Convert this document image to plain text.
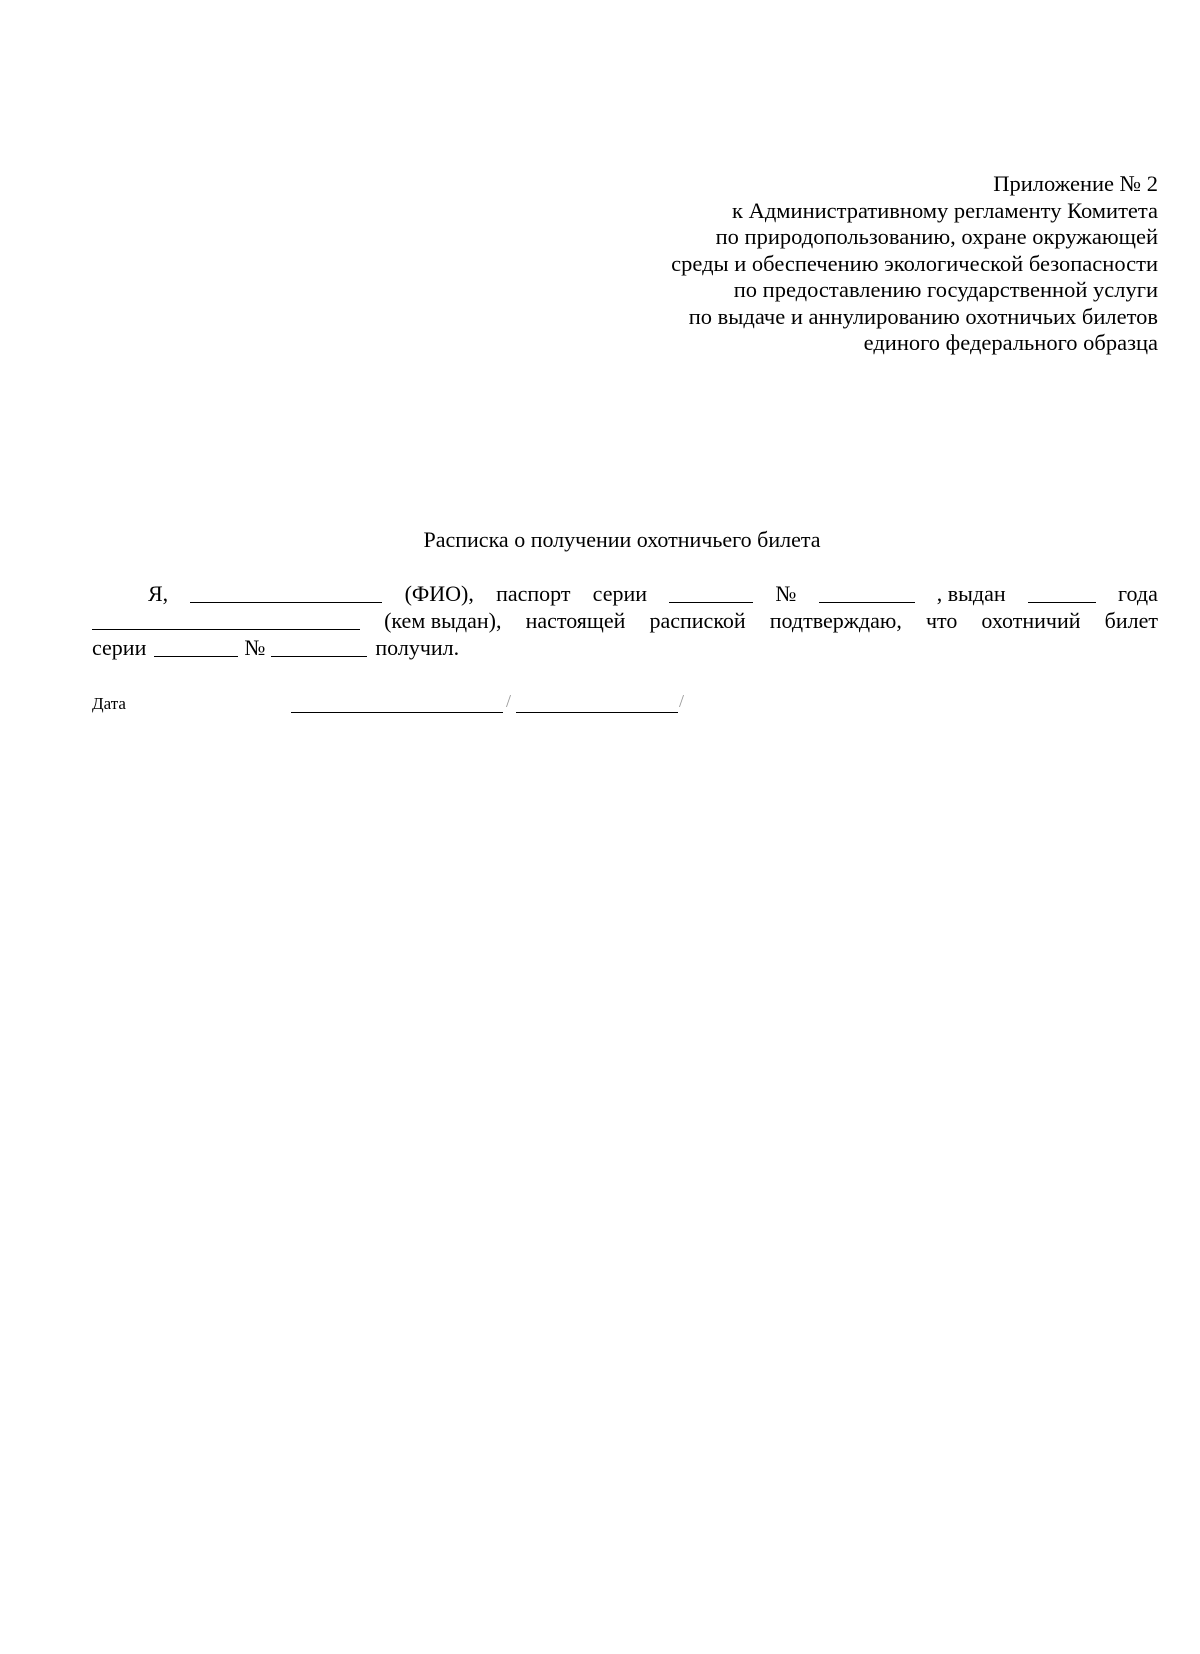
Приложение № 2
к Административному регламенту Комитета
по природопользованию, охране окружающей
среды и обеспечению экологической безопасности
по предоставлению государственной услуги
по выдаче и аннулированию охотничьих билетов
единого федерального образца
Расписка о получении охотничьего билета
Я,	(ФИО), паспорт серии	№	, выдан	года
(кем выдан), настоящей распиской подтверждаю, что охотничий билет
серии	№	получил.
Дата	/	/
